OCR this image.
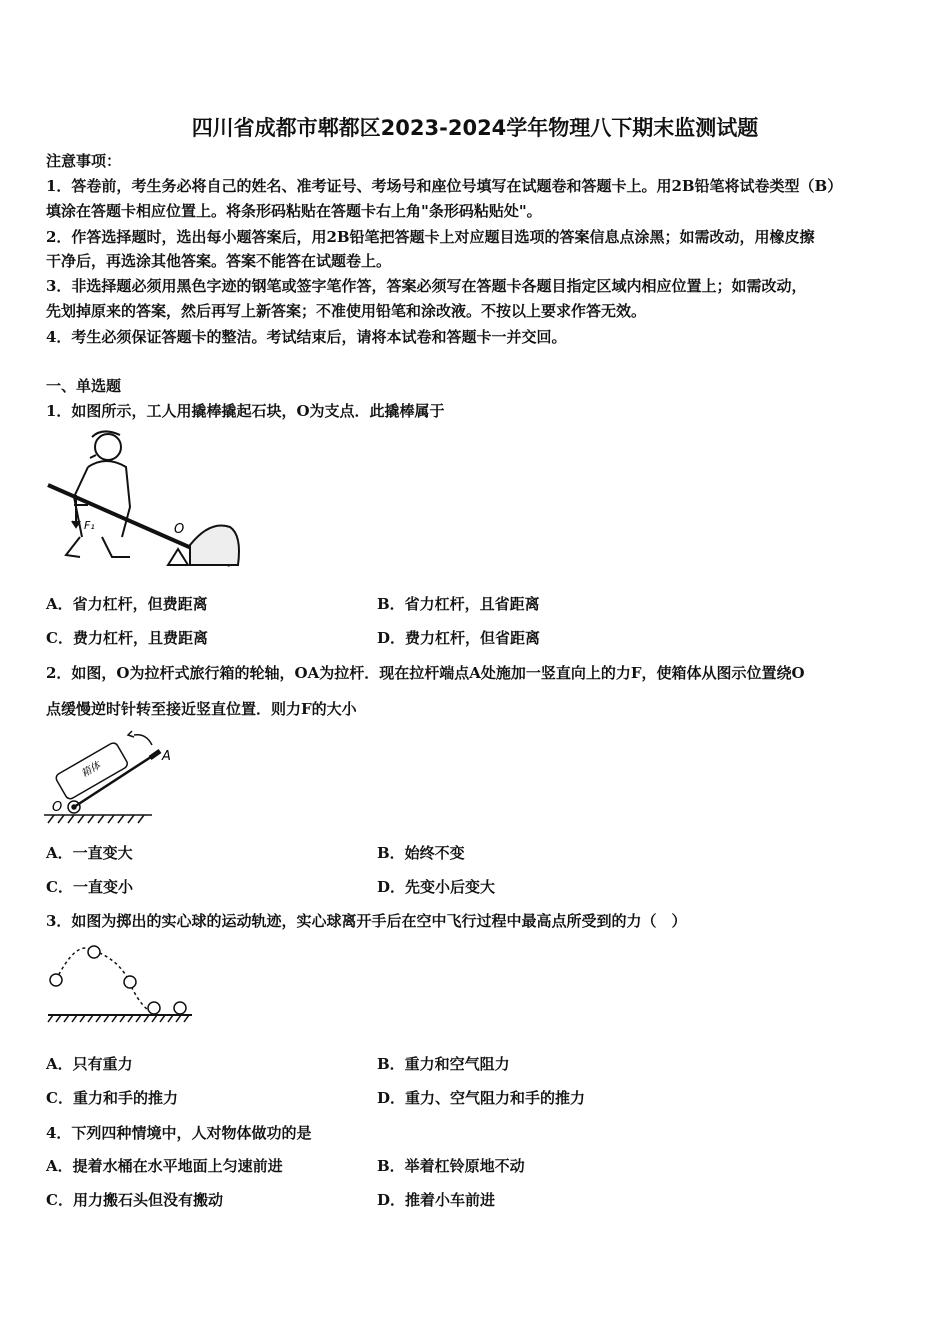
四川省成都市郫都区2023-2024学年物理八下期末监测试题
注意事项：
1．答卷前，考生务必将自己的姓名、准考证号、考场号和座位号填写在试题卷和答题卡上。用2B铅笔将试卷类型（B）
填涂在答题卡相应位置上。将条形码粘贴在答题卡右上角"条形码粘贴处"。
2．作答选择题时，选出每小题答案后，用2B铅笔把答题卡上对应题目选项的答案信息点涂黑；如需改动，用橡皮擦
干净后，再选涂其他答案。答案不能答在试题卷上。
3．非选择题必须用黑色字迹的钢笔或签字笔作答，答案必须写在答题卡各题目指定区域内相应位置上；如需改动，
先划掉原来的答案，然后再写上新答案；不准使用铅笔和涂改液。不按以上要求作答无效。
4．考生必须保证答题卡的整洁。考试结束后，请将本试卷和答题卡一并交回。
一、单选题
1．如图所示，工人用撬棒撬起石块，O为支点．此撬棒属于
F₁	O
A．省力杠杆，但费距离	B．省力杠杆，且省距离
C．费力杠杆，且费距离	D．费力杠杆，但省距离
2．如图，O为拉杆式旅行箱的轮轴，OA为拉杆．现在拉杆端点A处施加一竖直向上的力F，使箱体从图示位置绕O
点缓慢逆时针转至接近竖直位置．则力F的大小
箱体
O
A
A．一直变大	B．始终不变
C．一直变小	D．先变小后变大
3．如图为掷出的实心球的运动轨迹，实心球离开手后在空中飞行过程中最高点所受到的力（　）
A．只有重力	B．重力和空气阻力
C．重力和手的推力	D．重力、空气阻力和手的推力
4．下列四种情境中，人对物体做功的是
A．提着水桶在水平地面上匀速前进	B．举着杠铃原地不动
C．用力搬石头但没有搬动	D．推着小车前进
